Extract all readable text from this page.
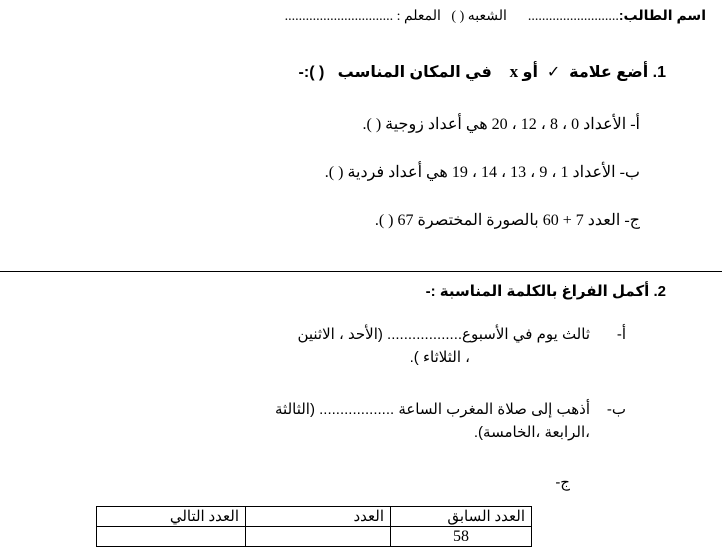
اسم الطالب:..........................      الشعبه ( )   المعلم : ...............................
1. أضع علامة  ✓  أو x    في المكان المناسب   ( ):-
أ- الأعداد 0 ، 8 ، 12 ، 20 هي أعداد زوجية ( ).
ب- الأعداد 1 ، 9 ، 13 ، 14 ، 19 هي أعداد فردية ( ).
ج- العدد 7 + 60 بالصورة المختصرة 67 ( ).
2. أكمل الفراغ بالكلمة المناسبة :-
أ-
ثالث يوم في الأسبوع.................. (الأحد ، الاثنين
، الثلاثاء ).
ب-
أذهب إلى صلاة المغرب الساعة .................. (الثالثة
،الرابعة ،الخامسة).
ج-
العدد السابق	العدد	العدد التالي
58		
